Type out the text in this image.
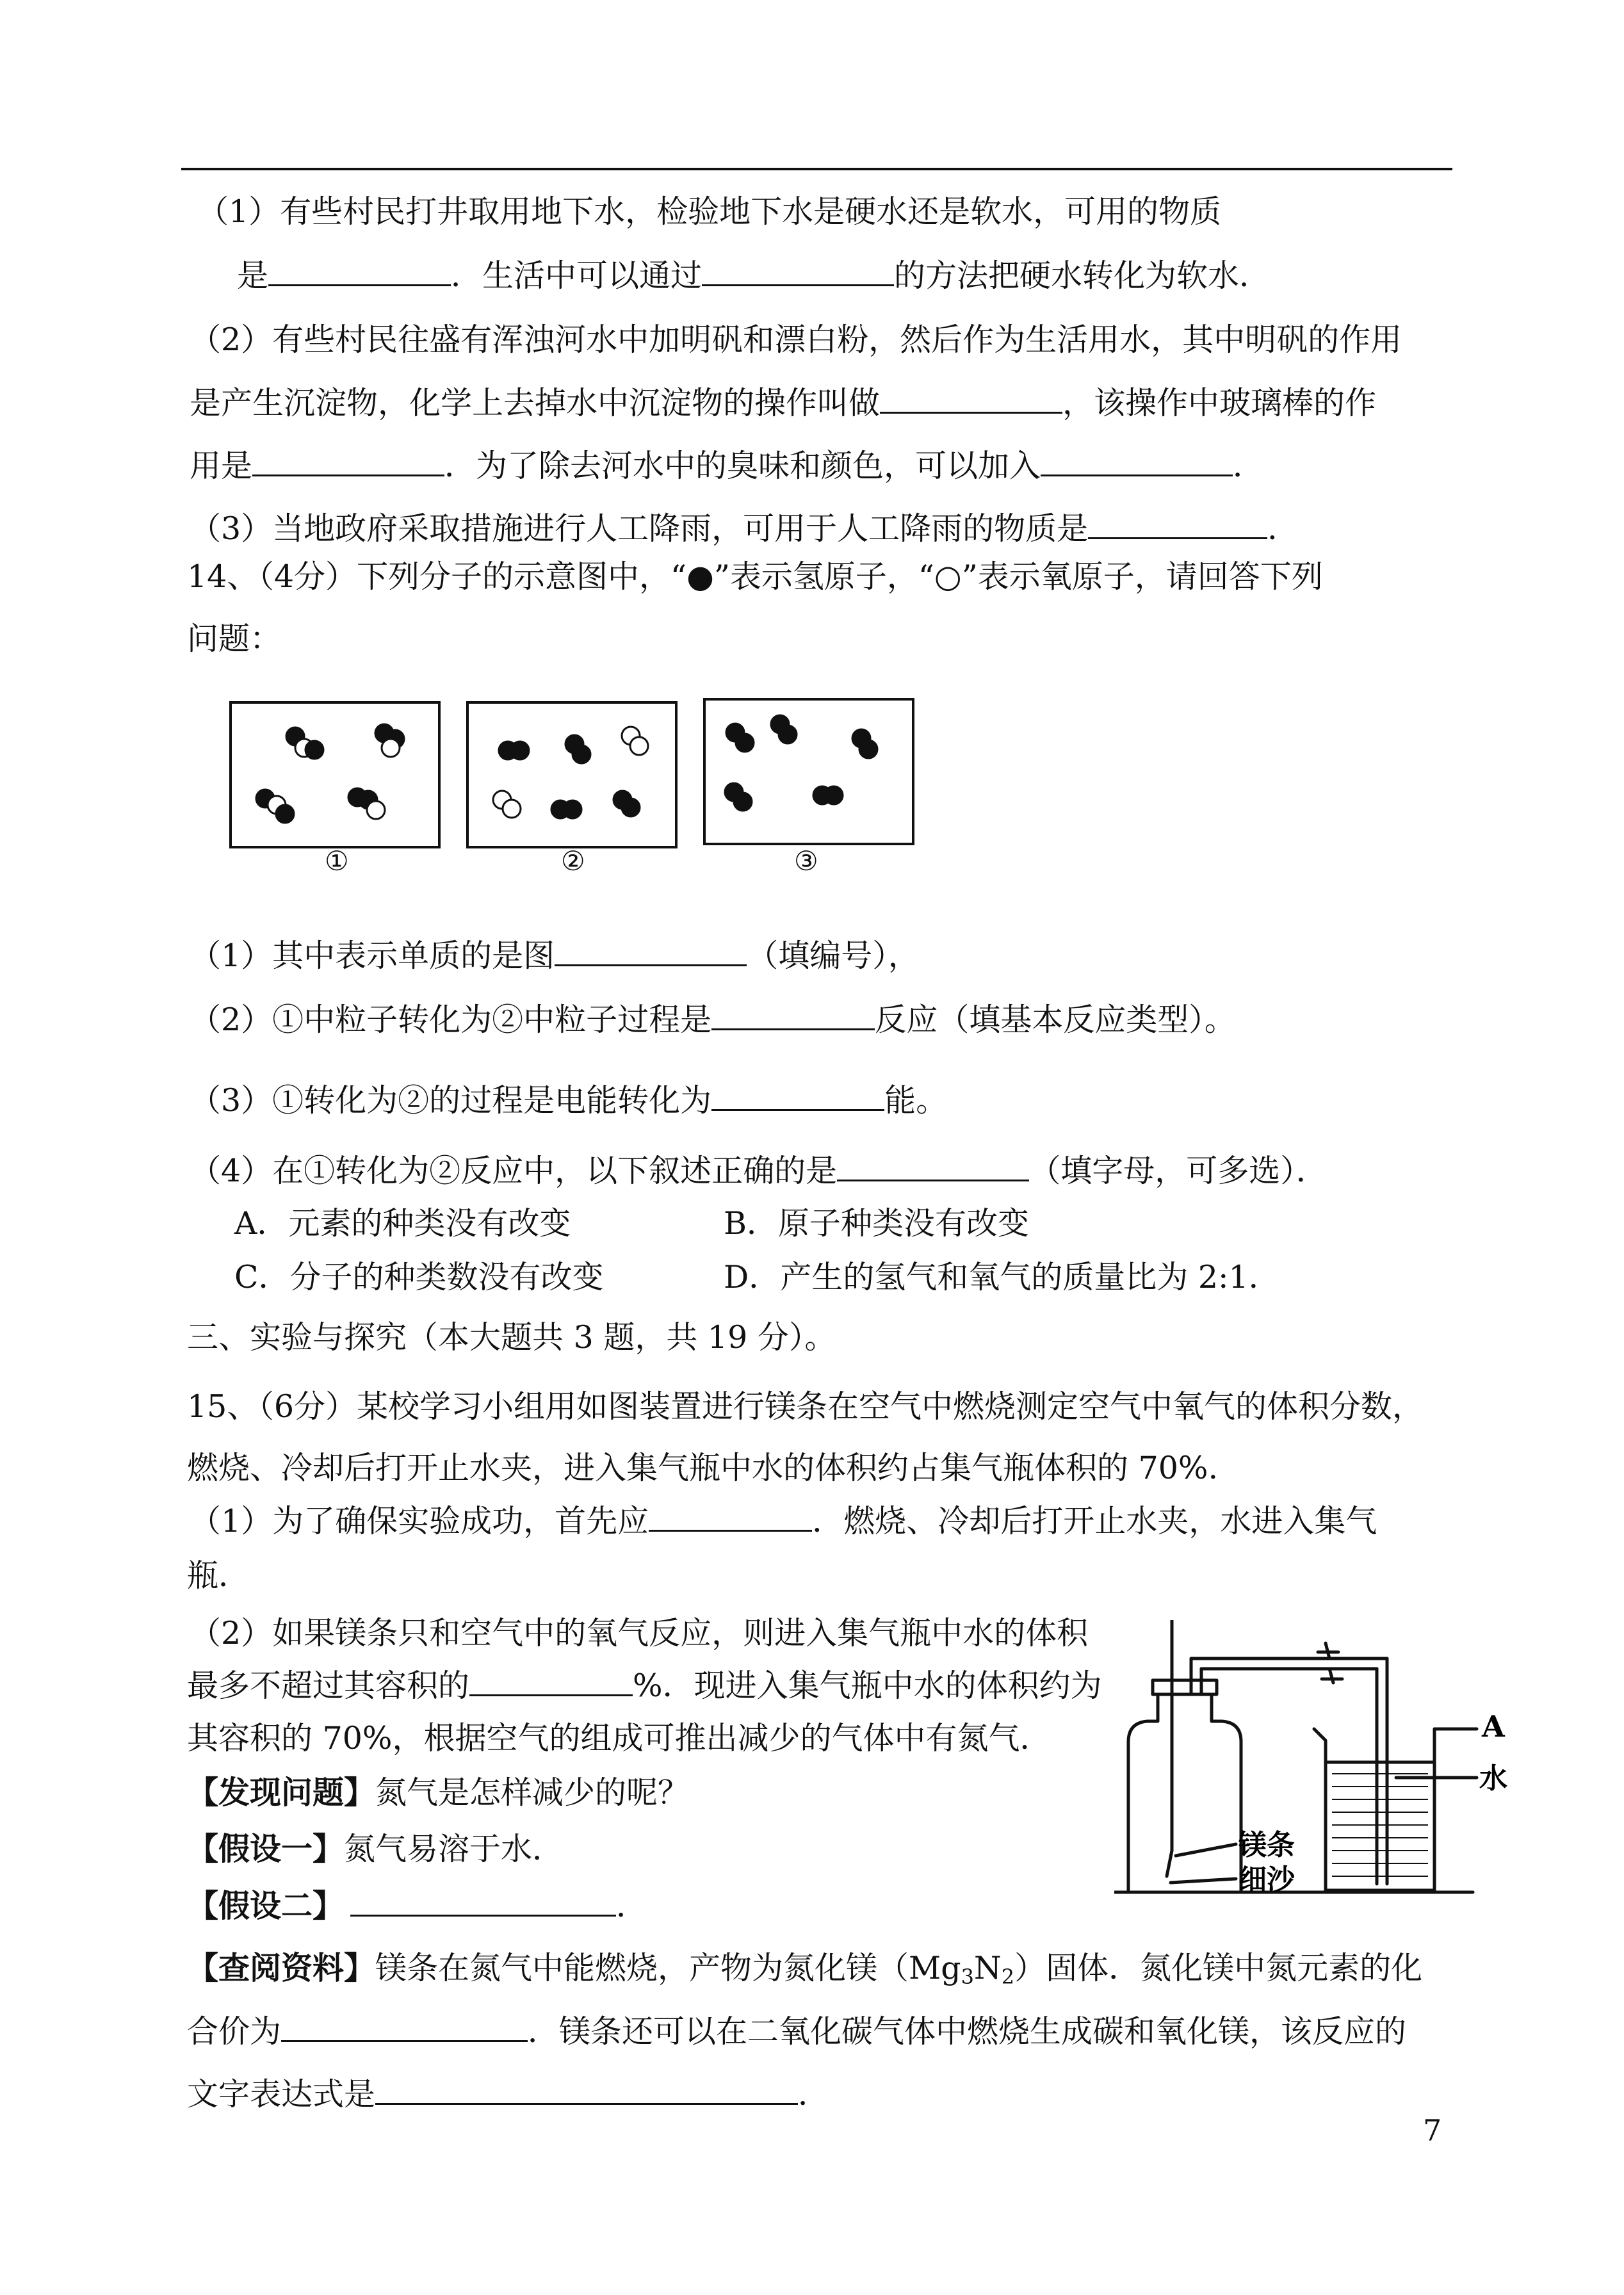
（1）有些村民打井取用地下水，检验地下水是硬水还是软水，可用的物质
是	．生活中可以通过	的方法把硬水转化为软水．
（2）有些村民往盛有浑浊河水中加明矾和漂白粉，然后作为生活用水，其中明矾的作用
是产生沉淀物，化学上去掉水中沉淀物的操作叫做	，该操作中玻璃棒的作
用是	．为了除去河水中的臭味和颜色，可以加入	．
（3）当地政府采取措施进行人工降雨，可用于人工降雨的物质是	．
14、（4分）下列分子的示意图中，“●”表示氢原子，“○”表示氧原子，请回答下列
问题：
①	②	③
（1）其中表示单质的是图	（填编号），
（2）①中粒子转化为②中粒子过程是	反应（填基本反应类型）。
（3）①转化为②的过程是电能转化为	能。
（4）在①转化为②反应中，以下叙述正确的是	（填字母，可多选）．
A．元素的种类没有改变	B．原子种类没有改变
C．分子的种类数没有改变	D．产生的氢气和氧气的质量比为 2:1．
三、实验与探究（本大题共 3 题，共 19 分）。
15、（6分）某校学习小组用如图装置进行镁条在空气中燃烧测定空气中氧气的体积分数，
燃烧、冷却后打开止水夹，进入集气瓶中水的体积约占集气瓶体积的 70%.
（1）为了确保实验成功，首先应	．燃烧、冷却后打开止水夹，水进入集气
瓶．
（2）如果镁条只和空气中的氧气反应，则进入集气瓶中水的体积
最多不超过其容积的	%．现进入集气瓶中水的体积约为
其容积的 70%，根据空气的组成可推出减少的气体中有氮气．
【发现问题】氮气是怎样减少的呢？
【假设一】氮气易溶于水．
【假设二】	．
【查阅资料】镁条在氮气中能燃烧，产物为氮化镁$(Mg_3N_2)$固体．氮化镁中氮元素的化
合价为	．镁条还可以在二氧化碳气体中燃烧生成碳和氧化镁，该反应的
文字表达式是	．
A
水
镁条
细沙
7
